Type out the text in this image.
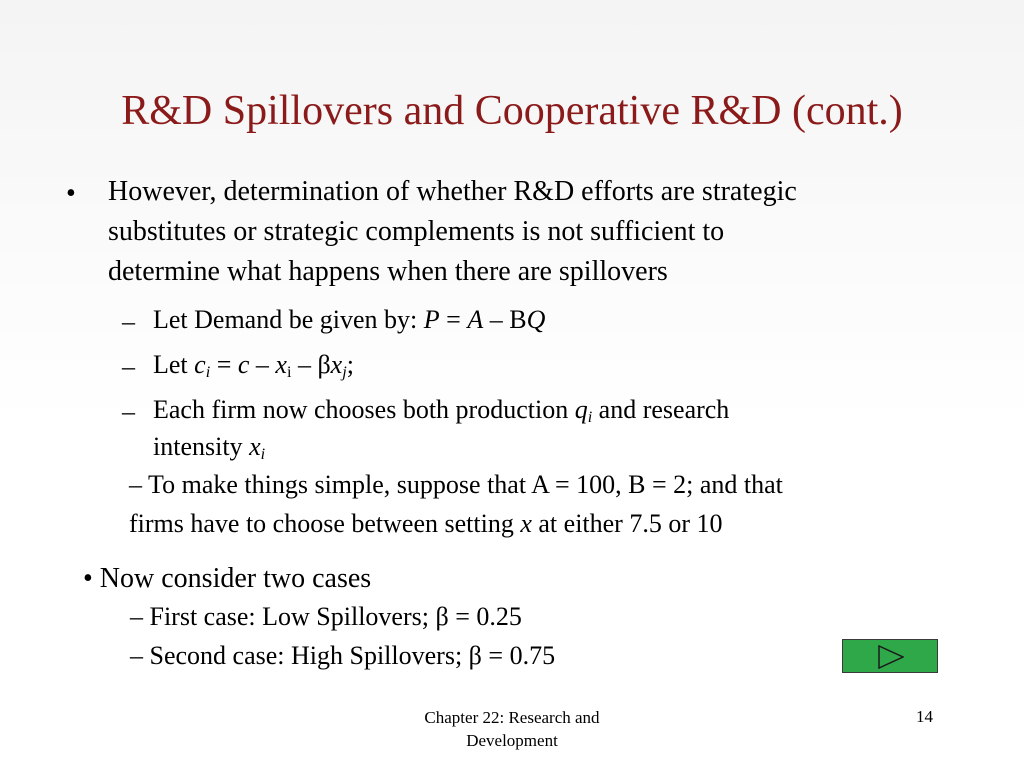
R&D Spillovers and Cooperative R&D (cont.)
• However, determination of whether R&D efforts are strategic
substitutes or strategic complements is not sufficient to
determine what happens when there are spillovers
– Let Demand be given by: P = A – BQ
– Let $c_i = c - x_i - \beta x_j$;
– Each firm now chooses both production $q_i$ and research
intensity $x_i$
– To make things simple, suppose that A = 100, B = 2; and that
firms have to choose between setting x at either 7.5 or 10
• Now consider two cases
– First case: Low Spillovers; β = 0.25
– Second case: High Spillovers; β = 0.75
Chapter 22: Research and
Development
14
